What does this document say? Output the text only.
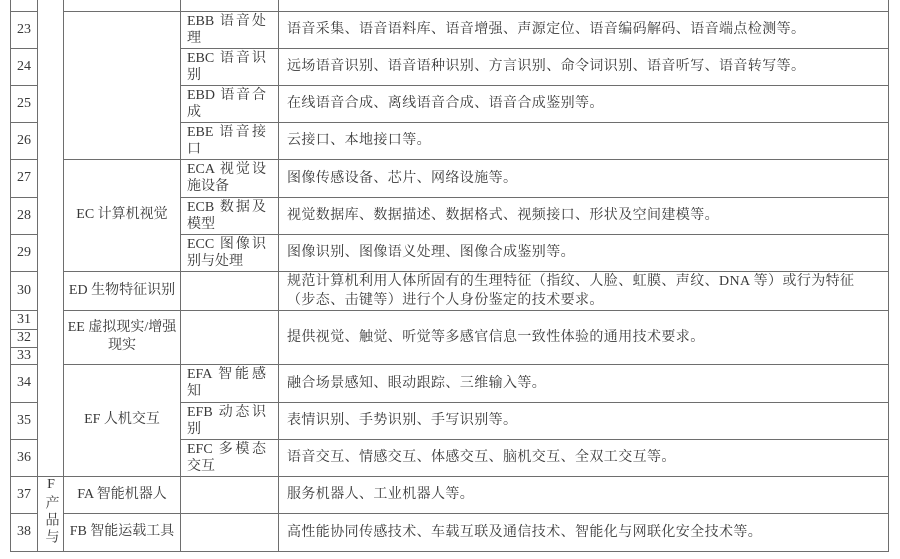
23			EBB 语音处理	语音采集、语音语料库、语音增强、声源定位、语音编码解码、语音端点检测等。
24			EBC 语音识别	远场语音识别、语音语种识别、方言识别、命令词识别、语音听写、语音转写等。
25			EBD 语音合成	在线语音合成、离线语音合成、语音合成鉴别等。
26			EBE 语音接口	云接口、本地接口等。
27		EC 计算机视觉	ECA 视觉设施设备	图像传感设备、芯片、网络设施等。
28			ECB 数据及模型	视觉数据库、数据描述、数据格式、视频接口、形状及空间建模等。
29			ECC 图像识别与处理	图像识别、图像语义处理、图像合成鉴别等。
30		ED 生物特征识别		规范计算机利用人体所固有的生理特征（指纹、人脸、虹膜、声纹、DNA 等）或行为特征（步态、击键等）进行个人身份鉴定的技术要求。
31		EE 虚拟现实/增强现实		提供视觉、触觉、听觉等多感官信息一致性体验的通用技术要求。
32				
33				
34		EF 人机交互	EFA 智能感知	融合场景感知、眼动跟踪、三维输入等。
35			EFB 动态识别	表情识别、手势识别、手写识别等。
36			EFC 多模态交互	语音交互、情感交互、体感交互、脑机交互、全双工交互等。
37	F产品与	FA 智能机器人		服务机器人、工业机器人等。
38		FB 智能运载工具		高性能协同传感技术、车载互联及通信技术、智能化与网联化安全技术等。
